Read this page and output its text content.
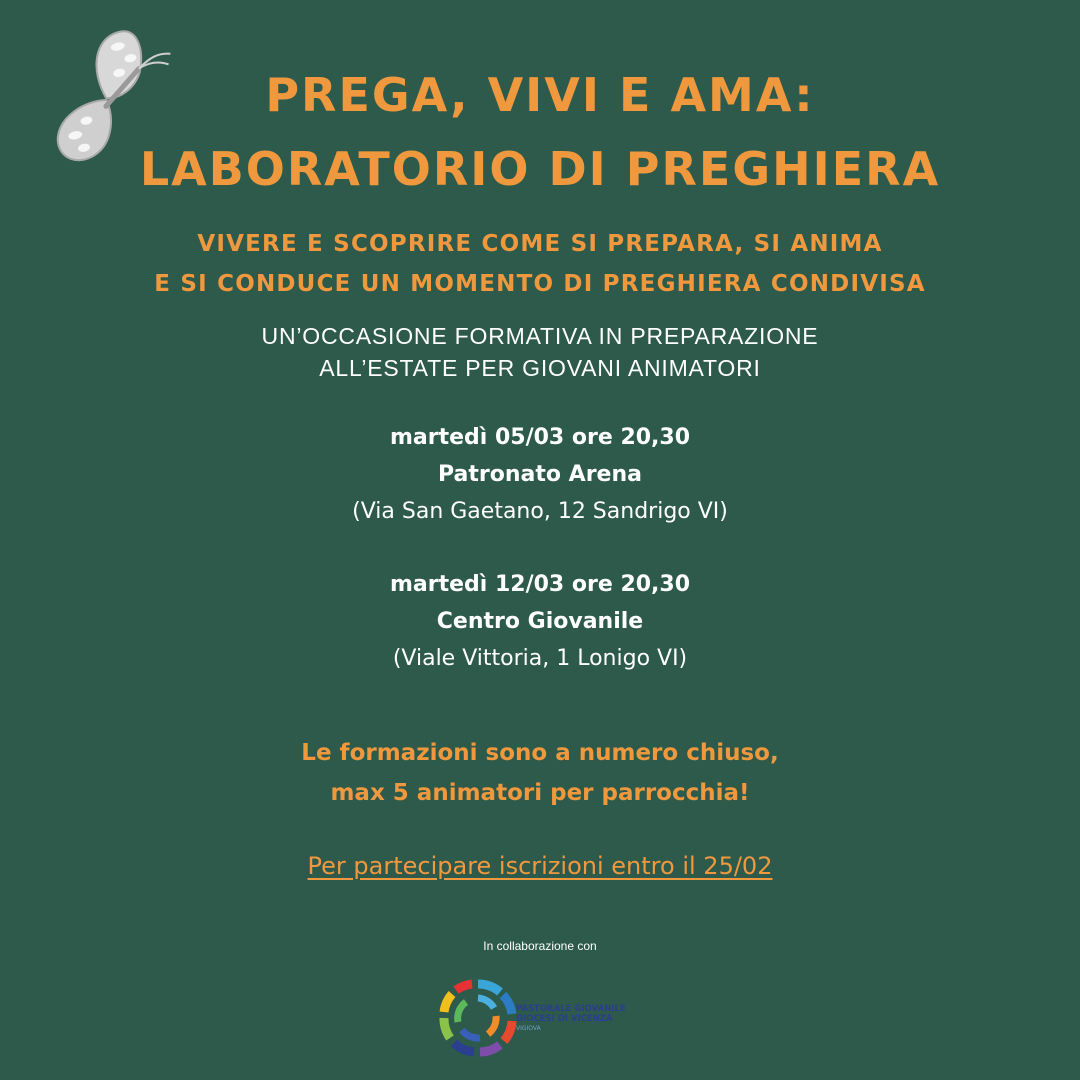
PREGA, VIVI E AMA:
LABORATORIO DI PREGHIERA
VIVERE E SCOPRIRE COME SI PREPARA, SI ANIMA
E SI CONDUCE UN MOMENTO DI PREGHIERA CONDIVISA
UN’OCCASIONE FORMATIVA IN PREPARAZIONE
ALL’ESTATE PER GIOVANI ANIMATORI
martedì 05/03 ore 20,30
Patronato Arena
(Via San Gaetano, 12 Sandrigo VI)
martedì 12/03 ore 20,30
Centro Giovanile
(Viale Vittoria, 1 Lonigo VI)
Le formazioni sono a numero chiuso,
max 5 animatori per parrocchia!
Per partecipare iscrizioni entro il 25/02
In collaborazione con
PASTORALE GIOVANILE
DIOCESI DI VICENZA
VIGIOVA
